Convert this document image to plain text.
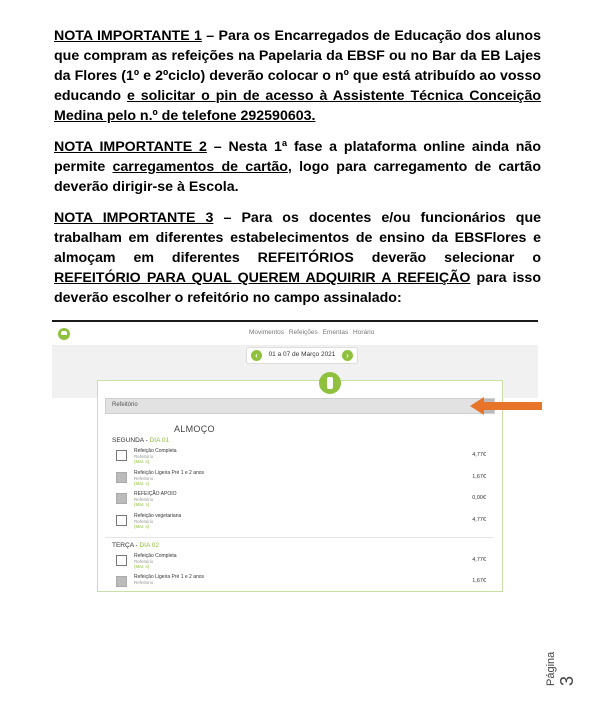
NOTA IMPORTANTE 1 – Para os Encarregados de Educação dos alunos que compram as refeições na Papelaria da EBSF ou no Bar da EB Lajes da Flores (1º e 2ºciclo) deverão colocar o nº que está atribuído ao vosso educando e solicitar o pin de acesso à Assistente Técnica Conceição Medina pelo n.º de telefone 292590603.
NOTA IMPORTANTE 2 – Nesta 1ª fase a plataforma online ainda não permite carregamentos de cartão, logo para carregamento de cartão deverão dirigir-se à Escola.
NOTA IMPORTANTE 3 – Para os docentes e/ou funcionários que trabalham em diferentes estabelecimentos de ensino da EBSFlores e almoçam em diferentes REFEITÓRIOS deverão selecionar o REFEITÓRIO PARA QUAL QUEREM ADQUIRIR A REFEIÇÃO para isso deverão escolher o refeitório no campo assinalado:
Movimentos Refeições Ementas Horário
‹	01 a 07 de Março 2021	›
Refeitório
ALMOÇO
SEGUNDA - DIA 01
Refeição Completa
Refeitório
(Mar. s)
4,77€
Refeição Ligeira Pré 1 e 2 anos
Refeitório
(Mar. s)
1,67€
REFEIÇÃO APOIO
Refeitório
(Mar. s)
0,00€
Refeição vegetariana
Refeitório
(Mar. s)
4,77€
TERÇA - DIA 02
Refeição Completa
Refeitório
(Mar. s)
4,77€
Refeição Ligeira Pré 1 e 2 anos
Refeitório	1,67€
Página 3
